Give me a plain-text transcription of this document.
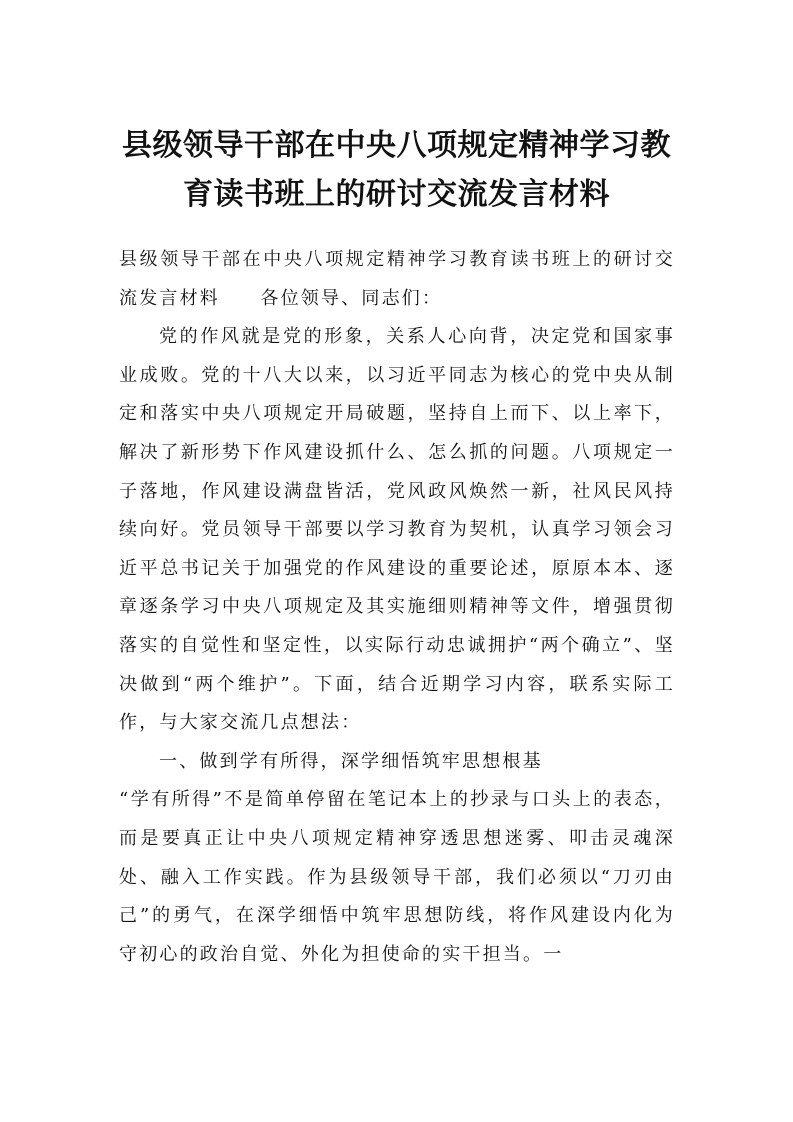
县级领导干部在中央八项规定精神学习教
育读书班上的研讨交流发言材料

县级领导干部在中央八项规定精神学习教育读书班上的研讨交流发言材料　　各位领导、同志们：

党的作风就是党的形象，关系人心向背，决定党和国家事业成败。党的十八大以来，以习近平同志为核心的党中央从制定和落实中央八项规定开局破题，坚持自上而下、以上率下，解决了新形势下作风建设抓什么、怎么抓的问题。八项规定一子落地，作风建设满盘皆活，党风政风焕然一新，社风民风持续向好。党员领导干部要以学习教育为契机，认真学习领会习近平总书记关于加强党的作风建设的重要论述，原原本本、逐章逐条学习中央八项规定及其实施细则精神等文件，增强贯彻落实的自觉性和坚定性，以实际行动忠诚拥护“两个确立”、坚决做到“两个维护”。下面，结合近期学习内容，联系实际工作，与大家交流几点想法：

一、做到学有所得，深学细悟筑牢思想根基

“学有所得”不是简单停留在笔记本上的抄录与口头上的表态，而是要真正让中央八项规定精神穿透思想迷雾、叩击灵魂深处、融入工作实践。作为县级领导干部，我们必须以“刀刃由己”的勇气，在深学细悟中筑牢思想防线，将作风建设内化为守初心的政治自觉、外化为担使命的实干担当。一
